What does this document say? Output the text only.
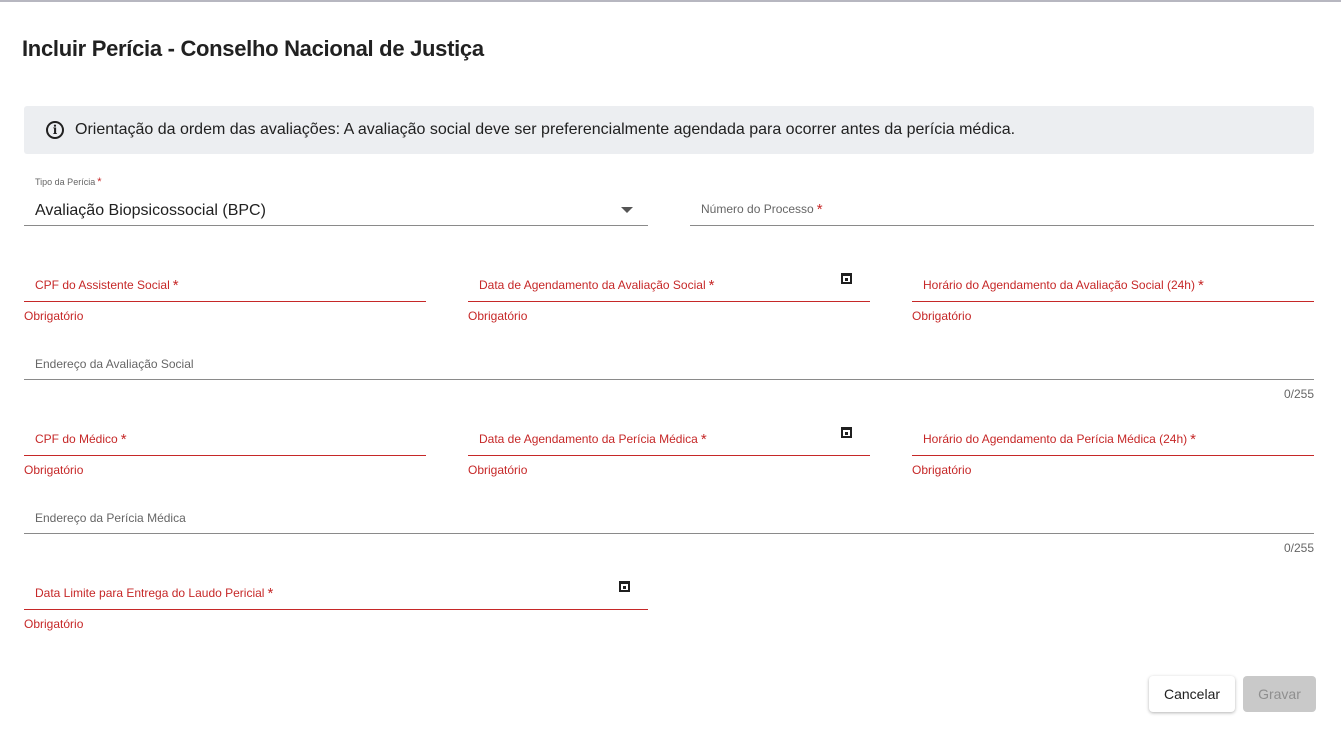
Incluir Perícia - Conselho Nacional de Justiça
i	Orientação da ordem das avaliações: A avaliação social deve ser preferencialmente agendada para ocorrer antes da perícia médica.
Tipo da Perícia *
Avaliação Biopsicossocial (BPC)	Número do Processo *
CPF do Assistente Social *
Obrigatório
Data de Agendamento da Avaliação Social *
Obrigatório
Horário do Agendamento da Avaliação Social (24h) *
Obrigatório
Endereço da Avaliação Social
0/255
CPF do Médico *
Obrigatório
Data de Agendamento da Perícia Médica *
Obrigatório
Horário do Agendamento da Perícia Médica (24h) *
Obrigatório
Endereço da Perícia Médica
0/255
Data Limite para Entrega do Laudo Pericial *
Obrigatório
Cancelar	Gravar
